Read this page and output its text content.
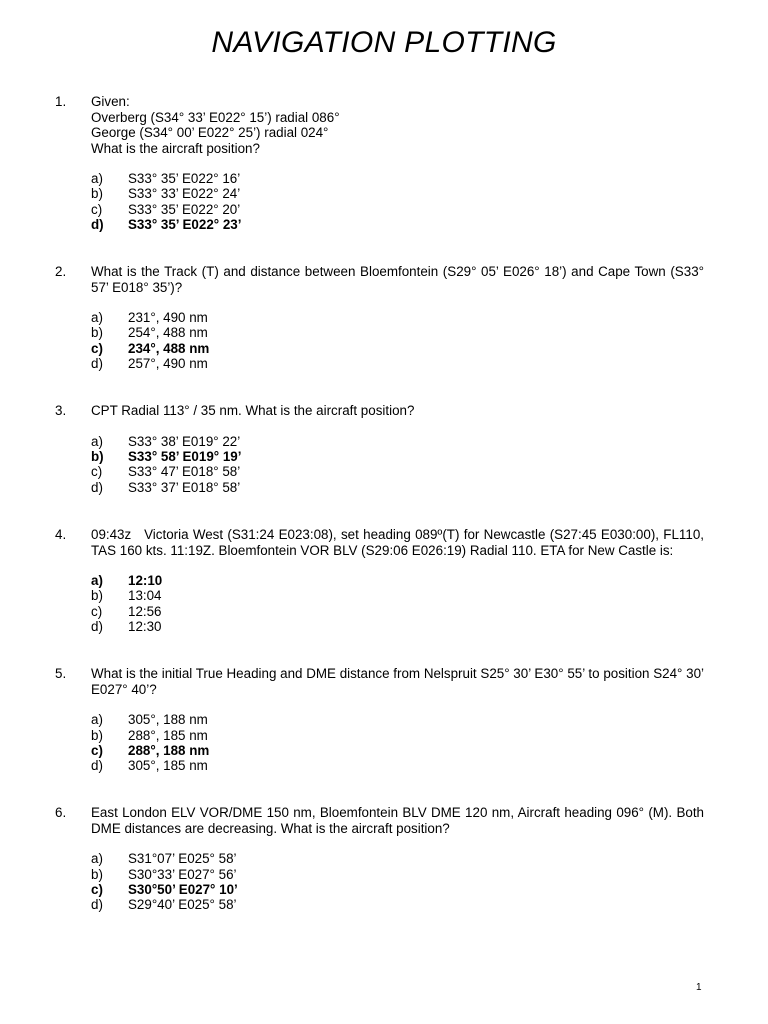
NAVIGATION PLOTTING
1. Given:
Overberg (S34° 33’ E022° 15’) radial 086°
George (S34° 00’ E022° 25’) radial 024°
What is the aircraft position?
a)	S33° 35’ E022° 16’
b)	S33° 33’ E022° 24’
c)	S33° 35’ E022° 20’
d)	S33° 35’ E022° 23’
2. What is the Track (T) and distance between Bloemfontein (S29° 05’ E026° 18’) and Cape Town (S33° 57’ E018° 35’)?
a)	231°, 490 nm
b)	254°, 488 nm
c)	234°, 488 nm
d)	257°, 490 nm
3. CPT Radial 113° / 35 nm. What is the aircraft position?
a)	S33° 38’ E019° 22’
b)	S33° 58’ E019° 19’
c)	S33° 47’ E018° 58’
d)	S33° 37’ E018° 58’
4. 09:43z   Victoria West (S31:24 E023:08), set heading 089º(T) for Newcastle (S27:45 E030:00), FL110, TAS 160 kts. 11:19Z. Bloemfontein VOR BLV (S29:06 E026:19) Radial 110. ETA for New Castle is:
a)	12:10
b)	13:04
c)	12:56
d)	12:30
5. What is the initial True Heading and DME distance from Nelspruit S25° 30’ E30° 55’ to position S24° 30’ E027° 40’?
a)	305°, 188 nm
b)	288°, 185 nm
c)	288°, 188 nm
d)	305°, 185 nm
6. East London ELV VOR/DME 150 nm, Bloemfontein BLV DME 120 nm, Aircraft heading 096° (M). Both DME distances are decreasing. What is the aircraft position?
a)	S31°07’ E025° 58’
b)	S30°33’ E027° 56’
c)	S30°50’ E027° 10’
d)	S29°40’ E025° 58’
1
